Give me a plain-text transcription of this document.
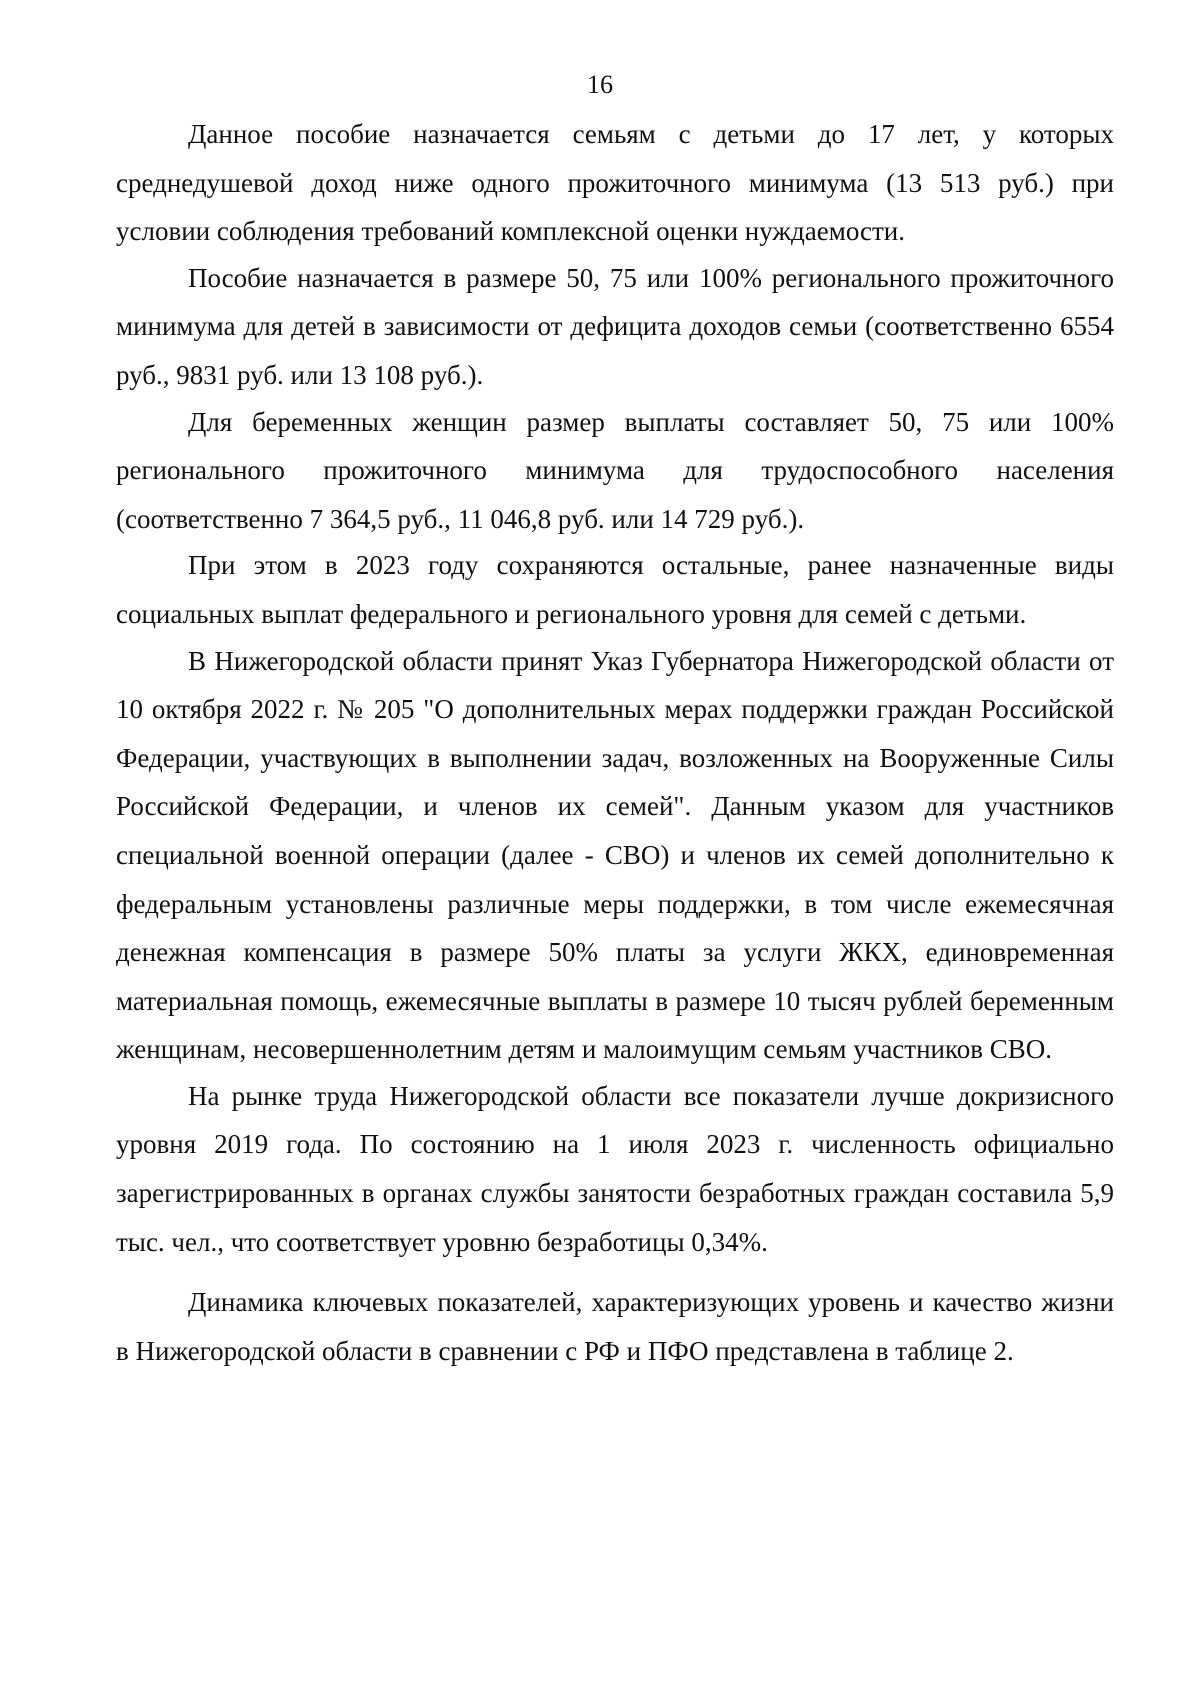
16

Данное пособие назначается семьям с детьми до 17 лет, у которых среднедушевой доход ниже одного прожиточного минимума (13 513 руб.) при условии соблюдения требований комплексной оценки нуждаемости.

Пособие назначается в размере 50, 75 или 100% регионального прожиточного минимума для детей в зависимости от дефицита доходов семьи (соответственно 6554 руб., 9831 руб. или 13 108 руб.).

Для беременных женщин размер выплаты составляет 50, 75 или 100% регионального прожиточного минимума для трудоспособного населения (соответственно 7 364,5 руб., 11 046,8 руб. или 14 729 руб.).

При этом в 2023 году сохраняются остальные, ранее назначенные виды социальных выплат федерального и регионального уровня для семей с детьми.

В Нижегородской области принят Указ Губернатора Нижегородской области от 10 октября 2022 г. № 205 "О дополнительных мерах поддержки граждан Российской Федерации, участвующих в выполнении задач, возложенных на Вооруженные Силы Российской Федерации, и членов их семей". Данным указом для участников специальной военной операции (далее - СВО) и членов их семей дополнительно к федеральным установлены различные меры поддержки, в том числе ежемесячная денежная компенсация в размере 50% платы за услуги ЖКХ, единовременная материальная помощь, ежемесячные выплаты в размере 10 тысяч рублей беременным женщинам, несовершеннолетним детям и малоимущим семьям участников СВО.

На рынке труда Нижегородской области все показатели лучше докризисного уровня 2019 года. По состоянию на 1 июля 2023 г. численность официально зарегистрированных в органах службы занятости безработных граждан составила 5,9 тыс. чел., что соответствует уровню безработицы 0,34%.

Динамика ключевых показателей, характеризующих уровень и качество жизни в Нижегородской области в сравнении с РФ и ПФО представлена в таблице 2.
